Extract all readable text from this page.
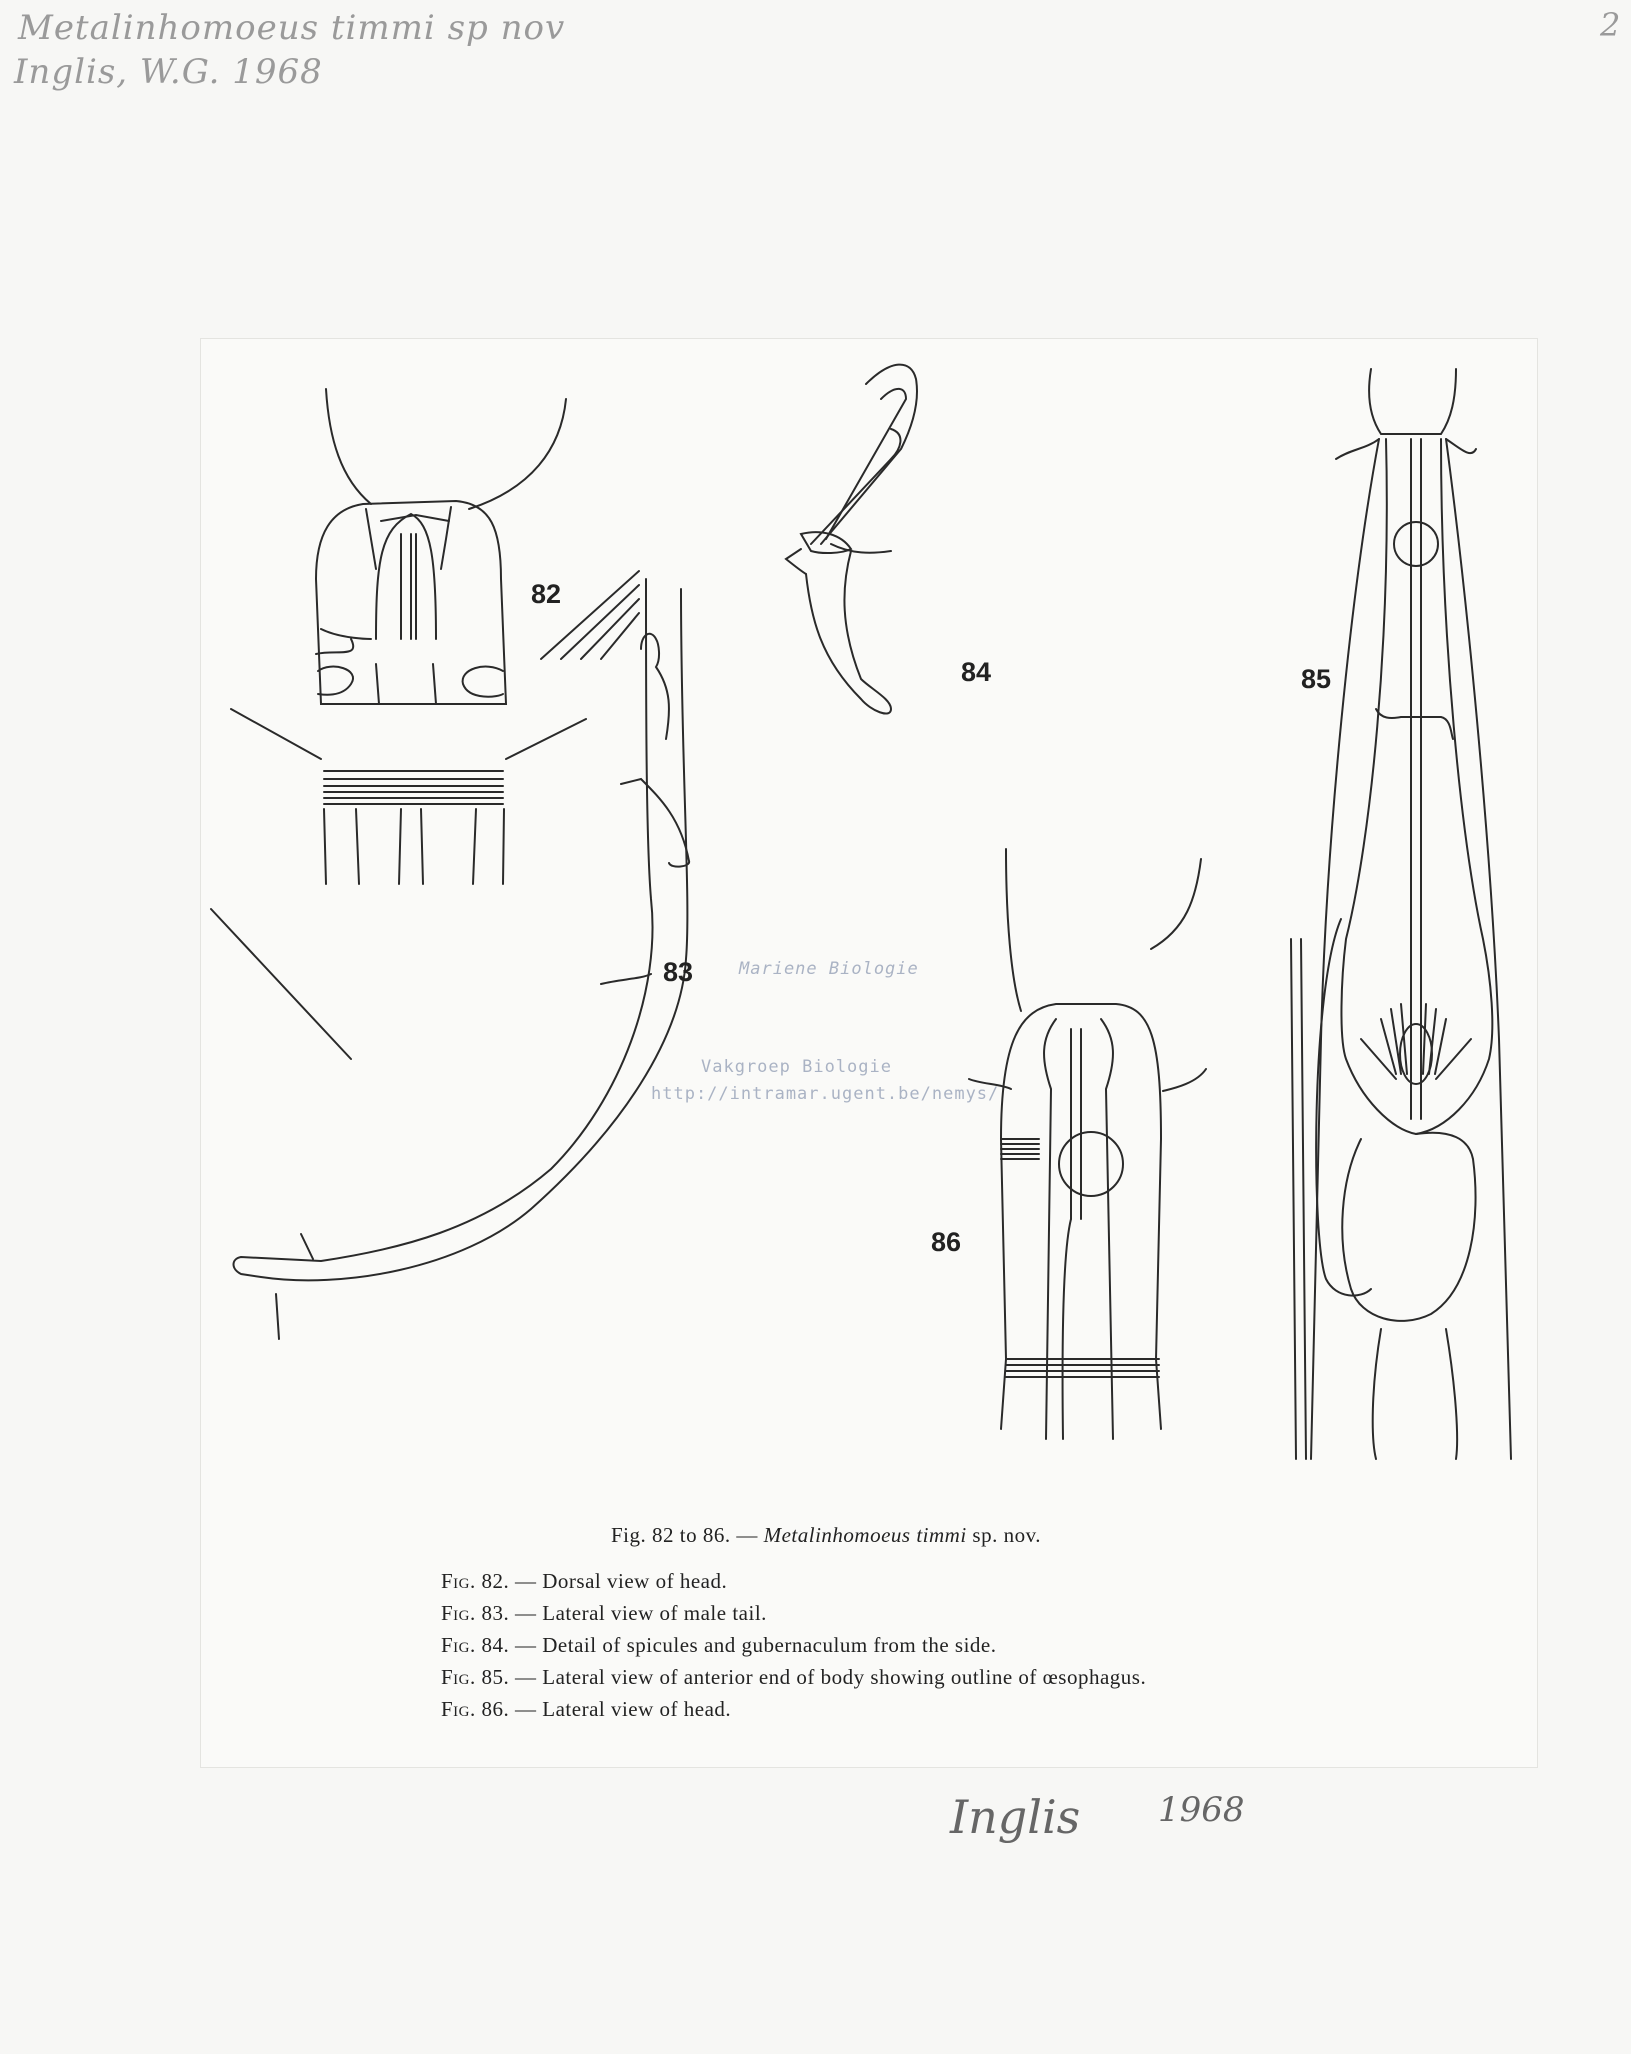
Metalinhomoeus timmi sp nov
Inglis, W.G. 1968
2
82
83
84	85
86
Mariene Biologie
Vakgroep Biologie
http://intramar.ugent.be/nemys/
Fig. 82 to 86. — Metalinhomoeus timmi sp. nov.
Fig. 82. — Dorsal view of head.
Fig. 83. — Lateral view of male tail.
Fig. 84. — Detail of spicules and gubernaculum from the side.
Fig. 85. — Lateral view of anterior end of body showing outline of œsophagus.
Fig. 86. — Lateral view of head.
Inglis 1968
